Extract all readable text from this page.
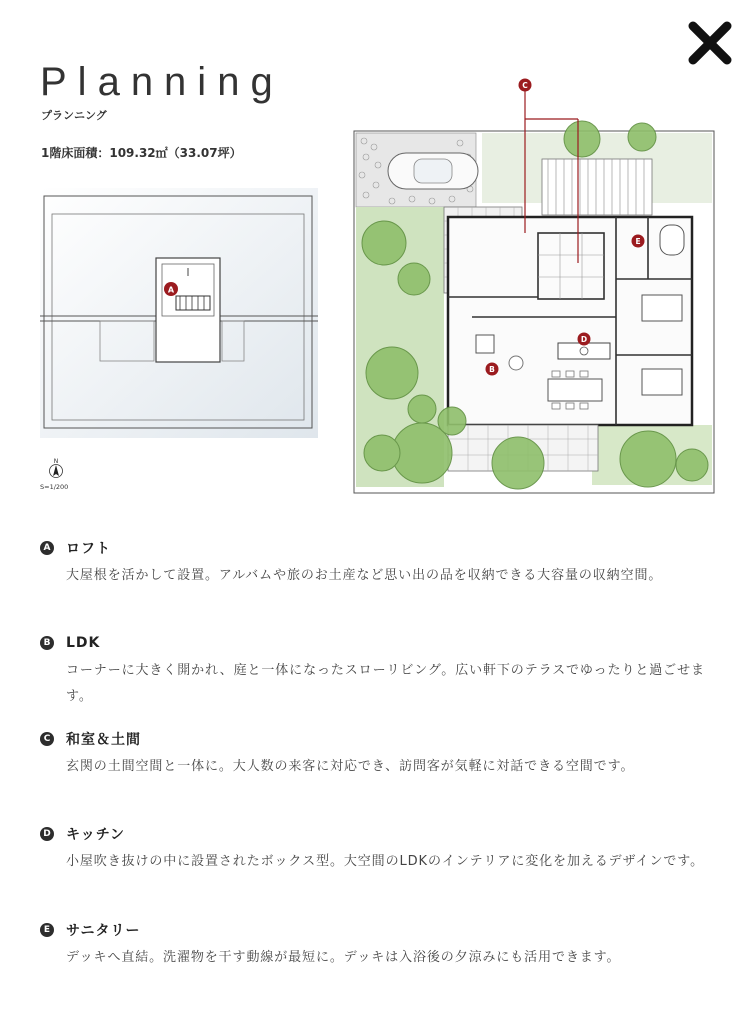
Planning
プランニング
1階床面積：109.32㎡（33.07坪）
A
N
S=1/200
C
E
D
B
A ロフト
大屋根を活かして設置。アルバムや旅のお土産など思い出の品を収納できる大容量の収納空間。
B LDK
コーナーに大きく開かれ、庭と一体になったスローリビング。広い軒下のテラスでゆったりと過ごせます。
C 和室＆土間
玄関の土間空間と一体に。大人数の来客に対応でき、訪問客が気軽に対話できる空間です。
D キッチン
小屋吹き抜けの中に設置されたボックス型。大空間のLDKのインテリアに変化を加えるデザインです。
E サニタリー
デッキへ直結。洗濯物を干す動線が最短に。デッキは入浴後の夕涼みにも活用できます。
